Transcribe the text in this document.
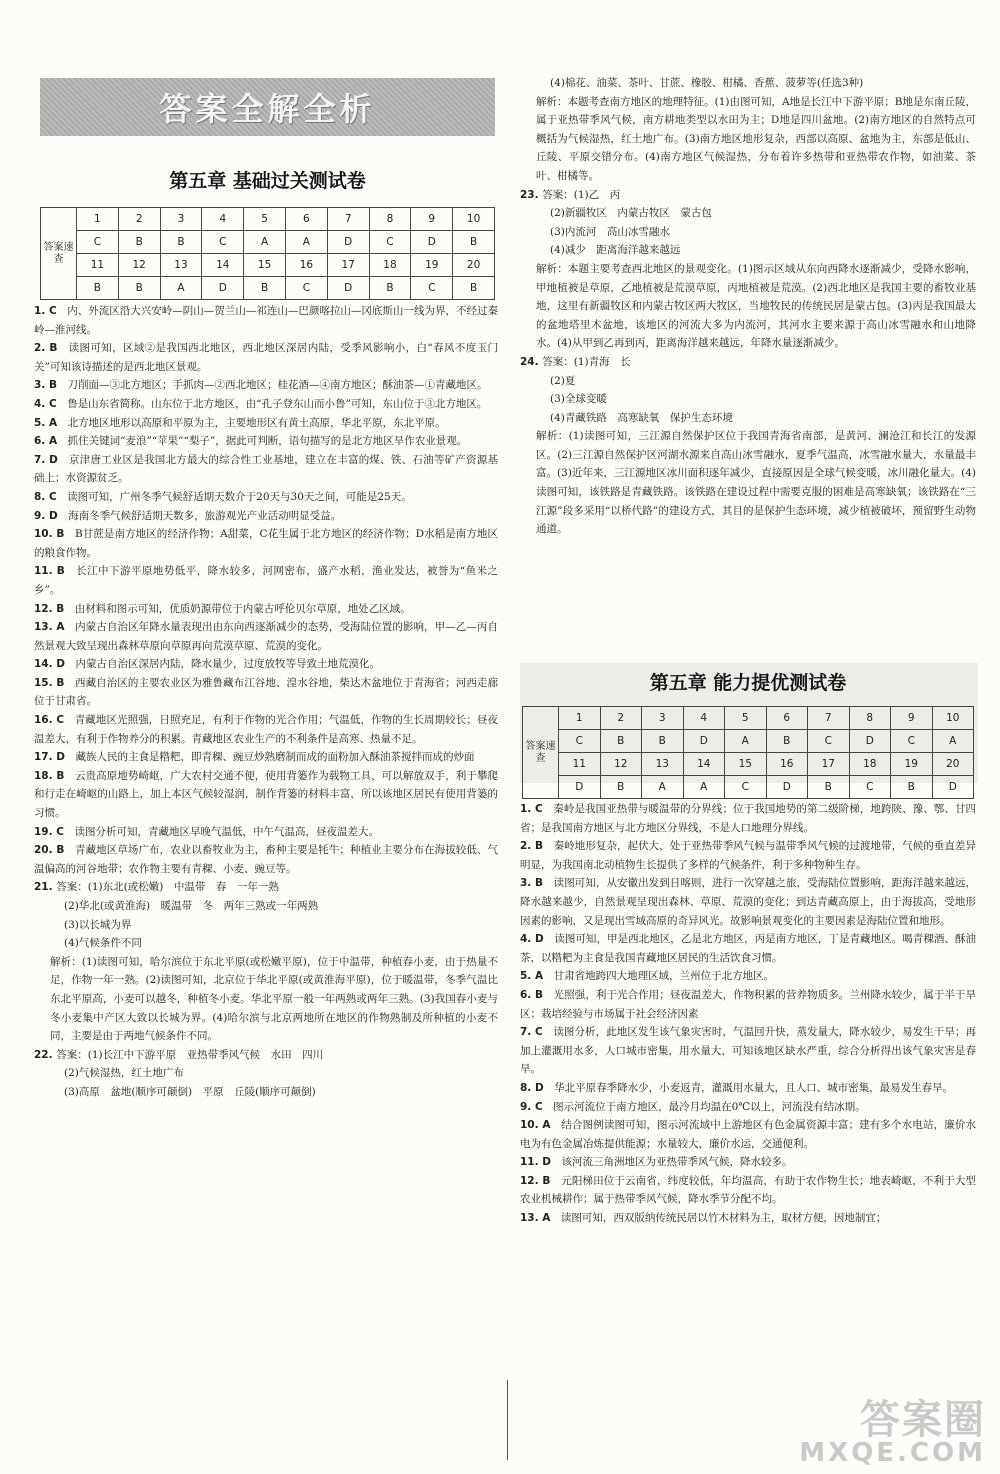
答案全解全析
第五章 基础过关测试卷
答案速查	1	2	3	4	5	6	7	8	9	10
	C	B	B	C	A	A	D	C	D	B
	11	12	13	14	15	16	17	18	19	20
	B	B	A	D	B	C	D	B	C	B
1. C　内、外流区沿大兴安岭—阴山—贺兰山—祁连山—巴颜喀拉山—冈底斯山一线为界，不经过秦岭—淮河线。
2. B　读图可知，区域②是我国西北地区，西北地区深居内陆，受季风影响小，白“春风不度玉门关”可知该诗描述的是西北地区景观。
3. B　刀削面—③北方地区；手抓肉—②西北地区；桂花酒—④南方地区；酥油茶—①青藏地区。
4. C　鲁是山东省简称。山东位于北方地区，由“孔子登东山而小鲁”可知，东山位于③北方地区。
5. A　北方地区地形以高原和平原为主，主要地形区有黄土高原，华北平原，东北平原。
6. A　抓住关键词“麦浪”“苹果”“梨子”，据此可判断，语句描写的是北方地区旱作农业景观。
7. D　京津唐工业区是我国北方最大的综合性工业基地，建立在丰富的煤、铁、石油等矿产资源基础上；水资源贫乏。
8. C　读图可知，广州冬季气候舒适期天数介于20天与30天之间，可能是25天。
9. D　海南冬季气候舒适期天数多，旅游观光产业活动明显受益。
10. B　B甘蔗是南方地区的经济作物；A甜菜，C花生属于北方地区的经济作物；D水稻是南方地区的粮食作物。
11. B　长江中下游平原地势低平，降水较多，河网密布，盛产水稻，渔业发达，被誉为“鱼米之乡”。
12. B　由材料和图示可知，优质奶源带位于内蒙古呼伦贝尔草原，地处乙区域。
13. A　内蒙古自治区年降水量表现出由东向西逐渐减少的态势，受海陆位置的影响，甲—乙—丙自然景观大致呈现出森林草原向草原再向荒漠草原、荒漠的变化。
14. D　内蒙古自治区深居内陆，降水量少，过度放牧等导致土地荒漠化。
15. B　西藏自治区的主要农业区为雅鲁藏布江谷地、湟水谷地，柴达木盆地位于青海省；河西走廊位于甘肃省。
16. C　青藏地区光照强，日照充足，有利于作物的光合作用；气温低，作物的生长周期较长；昼夜温差大，有利于作物养分的积累。青藏地区农业生产的不利条件是高寒、热量不足。
17. D　藏族人民的主食是糌粑，即青稞、豌豆炒熟磨制而成的面粉加入酥油茶搅拌而成的炒面
18. B　云贵高原地势崎岖，广大农村交通不便，使用背篓作为载物工具，可以解放双手，利于攀爬和行走在崎岖的山路上，加上本区气候较湿润，制作背篓的材料丰富，所以该地区居民有使用背篓的习惯。
19. C　读图分析可知，青藏地区早晚气温低，中午气温高，昼夜温差大。
20. B　青藏地区草场广布，农业以畜牧业为主，畜种主要是牦牛；种植业主要分布在海拔较低、气温偏高的河谷地带；农作物主要有青稞、小麦、豌豆等。
21. 答案：(1)东北(或松嫩)　中温带　春　一年一熟
(2)华北(或黄淮海)　暖温带　冬　两年三熟或一年两熟
(3)以长城为界
(4)气候条件不同
解析：(1)读图可知，哈尔滨位于东北平原(或松嫩平原)，位于中温带，种植春小麦，由于热量不足，作物一年一熟。(2)读图可知，北京位于华北平原(或黄淮海平原)，位于暖温带，冬季气温比东北平原高，小麦可以越冬，种植冬小麦。华北平原一般一年两熟或两年三熟。(3)我国春小麦与冬小麦集中产区大致以长城为界。(4)哈尔滨与北京两地所在地区的作物熟制及所种植的小麦不同，主要是由于两地气候条件不同。
22. 答案：(1)长江中下游平原　亚热带季风气候　水田　四川
(2)气候湿热，红土地广布
(3)高原　盆地(顺序可颠倒)　平原　丘陵(顺序可颠倒)
(4)棉花、油菜、茶叶、甘蔗、橡胶、柑橘、香蕉、菠萝等(任选3种)
解析：本题考查南方地区的地理特征。(1)由图可知，A地是长江中下游平原；B地是东南丘陵，属于亚热带季风气候，南方耕地类型以水田为主；D地是四川盆地。(2)南方地区的自然特点可概括为气候湿热，红土地广布。(3)南方地区地形复杂，西部以高原、盆地为主，东部是低山、丘陵、平原交错分布。(4)南方地区气候湿热，分布着许多热带和亚热带农作物，如油菜、茶叶、柑橘等。
23. 答案：(1)乙　丙
(2)新疆牧区　内蒙古牧区　蒙古包
(3)内流河　高山冰雪融水
(4)减少　距离海洋越来越远
解析：本题主要考查西北地区的景观变化。(1)图示区域从东向西降水逐渐减少，受降水影响，甲地植被是草原，乙地植被是荒漠草原，丙地植被是荒漠。(2)西北地区是我国主要的畜牧业基地，这里有新疆牧区和内蒙古牧区两大牧区，当地牧民的传统民居是蒙古包。(3)丙是我国最大的盆地塔里木盆地，该地区的河流大多为内流河，其河水主要来源于高山冰雪融水和山地降水。(4)从甲到乙再到丙，距离海洋越来越远，年降水量逐渐减少。
24. 答案：(1)青海　长
(2)夏
(3)全球变暖
(4)青藏铁路　高寒缺氧　保护生态环境
解析：(1)读图可知，三江源自然保护区位于我国青海省南部，是黄河、澜沧江和长江的发源区。(2)三江源自然保护区河湖水源来自高山冰雪融水，夏季气温高，冰雪融水量大，水量最丰富。(3)近年来，三江源地区冰川面积逐年减少，直接原因是全球气候变暖，冰川融化量大。(4)读图可知，该铁路是青藏铁路。该铁路在建设过程中需要克服的困难是高寒缺氧；该铁路在“三江源”段多采用“以桥代路”的建设方式，其目的是保护生态环境，减少植被破坏，预留野生动物通道。
第五章 能力提优测试卷
答案速查	1	2	3	4	5	6	7	8	9	10
	C	B	B	D	A	B	C	D	C	A
	11	12	13	14	15	16	17	18	19	20
	D	B	A	A	C	D	B	C	B	D
1. C　秦岭是我国亚热带与暖温带的分界线；位于我国地势的第二级阶梯，地跨陕、豫、鄂、甘四省；是我国南方地区与北方地区分界线，不是人口地理分界线。
2. B　秦岭地形复杂，起伏大，处于亚热带季风气候与温带季风气候的过渡地带，气候的垂直差异明显，为我国南北动植物生长提供了多样的气候条件，利于多种物种生存。
3. B　读图可知，从安徽出发到日喀则，进行一次穿越之旅，受海陆位置影响，距海洋越来越远，降水越来越少，自然景观呈现出森林、草原、荒漠的变化；到达青藏高原上，由于海拔高，受地形因素的影响，又是现出雪域高原的奇异风光。故影响景观变化的主要因素是海陆位置和地形。
4. D　读图可知，甲是西北地区，乙是北方地区，丙是南方地区，丁是青藏地区。喝青稞酒、酥油茶，以糌粑为主食是我国青藏地区居民的生活饮食习惯。
5. A　甘肃省地跨四大地理区域，兰州位于北方地区。
6. B　光照强，利于光合作用；昼夜温差大，作物积累的营养物质多。兰州降水较少，属于半干旱区；栽培经验与市场属于社会经济因素
7. C　读图分析，此地区发生该气象灾害时，气温回升快，蒸发量大，降水较少，易发生干旱；再加上灌溉用水多，人口城市密集，用水量大，可知该地区缺水严重，综合分析得出该气象灾害是春旱。
8. D　华北平原春季降水少，小麦返青，灌溉用水量大，且人口、城市密集，最易发生春旱。
9. C　图示河流位于南方地区，最冷月均温在0℃以上，河流没有结冰期。
10. A　结合图例读图可知，图示河流域中上游地区有色金属资源丰富；建有多个水电站，廉价水电为有色金属冶炼提供能源；水量较大，廉价水运，交通便利。
11. D　该河流三角洲地区为亚热带季风气候，降水较多。
12. B　元阳梯田位于云南省，纬度较低，年均温高，有助于农作物生长；地表崎岖，不利于大型农业机械耕作；属于热带季风气候，降水季节分配不均。
13. A　读图可知，西双版纳传统民居以竹木材料为主，取材方便，因地制宜；
答案圈
MXQE.COM
